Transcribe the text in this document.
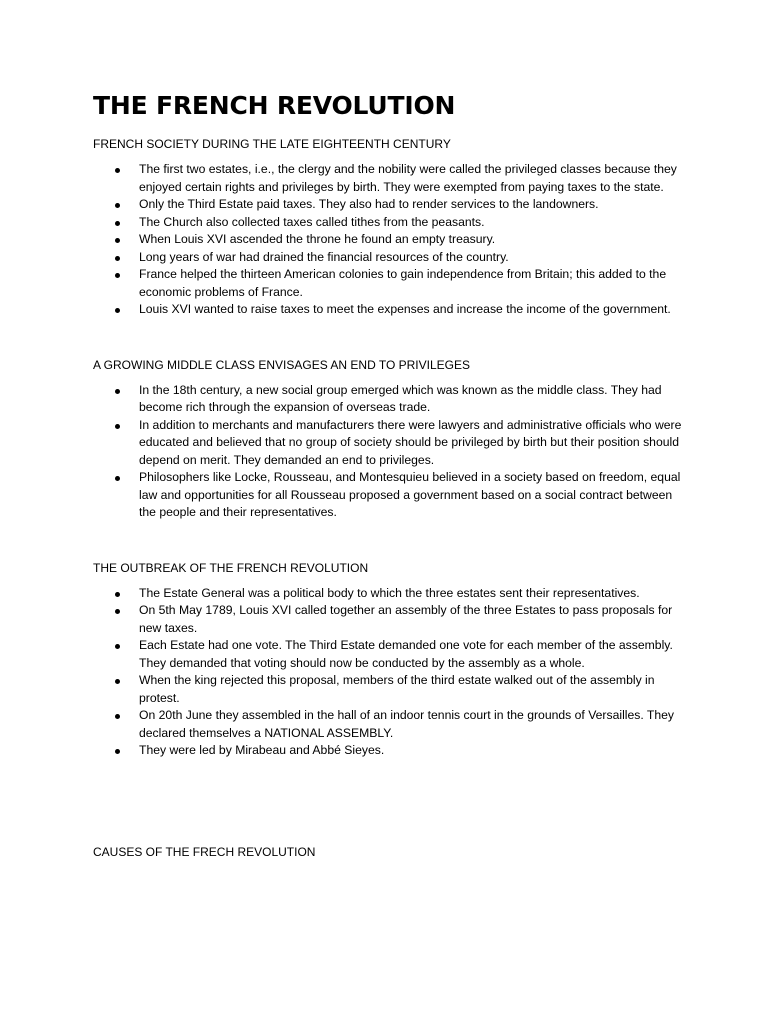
THE FRENCH REVOLUTION
FRENCH SOCIETY DURING THE LATE EIGHTEENTH CENTURY
The first two estates, i.e., the clergy and the nobility were called the privileged classes because they enjoyed certain rights and privileges by birth. They were exempted from paying taxes to the state.
Only the Third Estate paid taxes. They also had to render services to the landowners.
The Church also collected taxes called tithes from the peasants.
When Louis XVI ascended the throne he found an empty treasury.
Long years of war had drained the financial resources of the country.
France helped the thirteen American colonies to gain independence from Britain; this added to the economic problems of France.
Louis XVI wanted to raise taxes to meet the expenses and increase the income of the government.
A GROWING MIDDLE CLASS ENVISAGES AN END TO PRIVILEGES
In the 18th century, a new social group emerged which was known as the middle class. They had become rich through the expansion of overseas trade.
In addition to merchants and manufacturers there were lawyers and administrative officials who were educated and believed that no group of society should be privileged by birth but their position should depend on merit. They demanded an end to privileges.
Philosophers like Locke, Rousseau, and Montesquieu believed in a society based on freedom, equal law and opportunities for all Rousseau proposed a government based on a social contract between the people and their representatives.
THE OUTBREAK OF THE FRENCH REVOLUTION
The Estate General was a political body to which the three estates sent their representatives.
On 5th May 1789, Louis XVI called together an assembly of the three Estates to pass proposals for new taxes.
Each Estate had one vote. The Third Estate demanded one vote for each member of the assembly. They demanded that voting should now be conducted by the assembly as a whole.
When the king rejected this proposal, members of the third estate walked out of the assembly in protest.
On 20th June they assembled in the hall of an indoor tennis court in the grounds of Versailles. They declared themselves a NATIONAL ASSEMBLY.
They were led by Mirabeau and Abbé Sieyes.
CAUSES OF THE FRECH REVOLUTION
